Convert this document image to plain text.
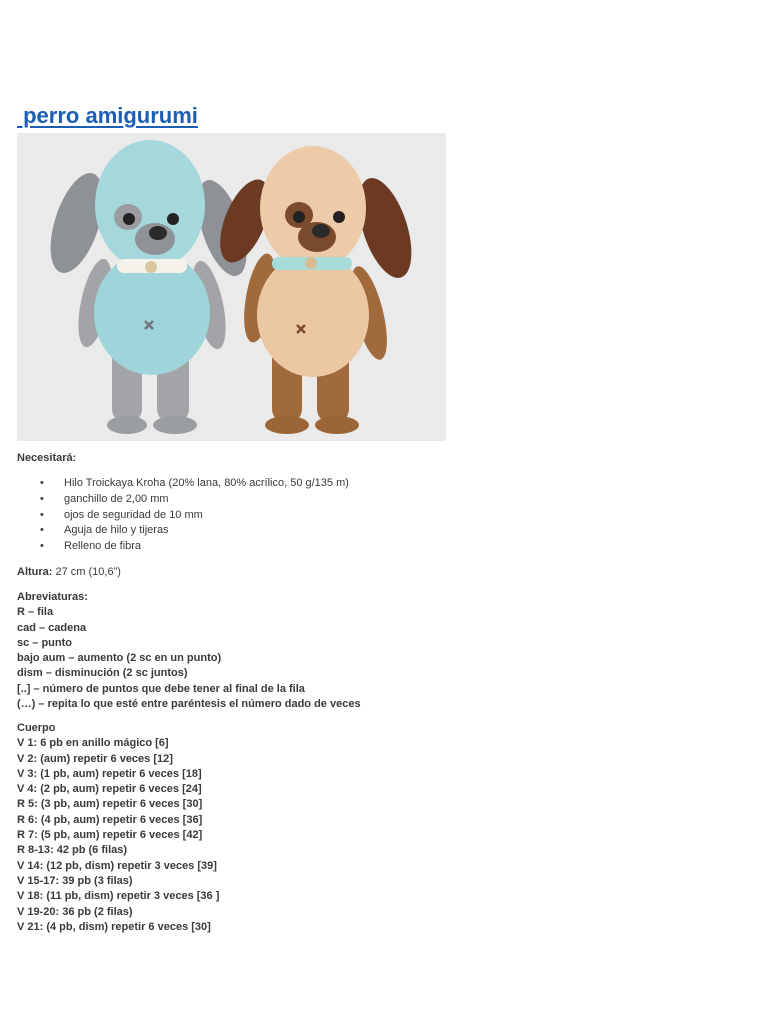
perro amigurumi
Necesitará:
• Hilo Troickaya Kroha (20% lana, 80% acrílico, 50 g/135 m)
• ganchillo de 2,00 mm
• ojos de seguridad de 10 mm
• Aguja de hilo y tijeras
• Relleno de fibra
Altura: 27 cm (10,6”)
Abreviaturas:
R – fila
cad – cadena
sc – punto
bajo aum – aumento (2 sc en un punto)
dism – disminución (2 sc juntos)
[..] – número de puntos que debe tener al final de la fila
(…) – repita lo que esté entre paréntesis el número dado de veces
Cuerpo
V 1: 6 pb en anillo mágico [6]
V 2: (aum) repetir 6 veces [12]
V 3: (1 pb, aum) repetir 6 veces [18]
V 4: (2 pb, aum) repetir 6 veces [24]
R 5: (3 pb, aum) repetir 6 veces [30]
R 6: (4 pb, aum) repetir 6 veces [36]
R 7: (5 pb, aum) repetir 6 veces [42]
R 8-13: 42 pb (6 filas)
V 14: (12 pb, dism) repetir 3 veces [39]
V 15-17: 39 pb (3 filas)
V 18: (11 pb, dism) repetir 3 veces [36 ]
V 19-20: 36 pb (2 filas)
V 21: (4 pb, dism) repetir 6 veces [30]
